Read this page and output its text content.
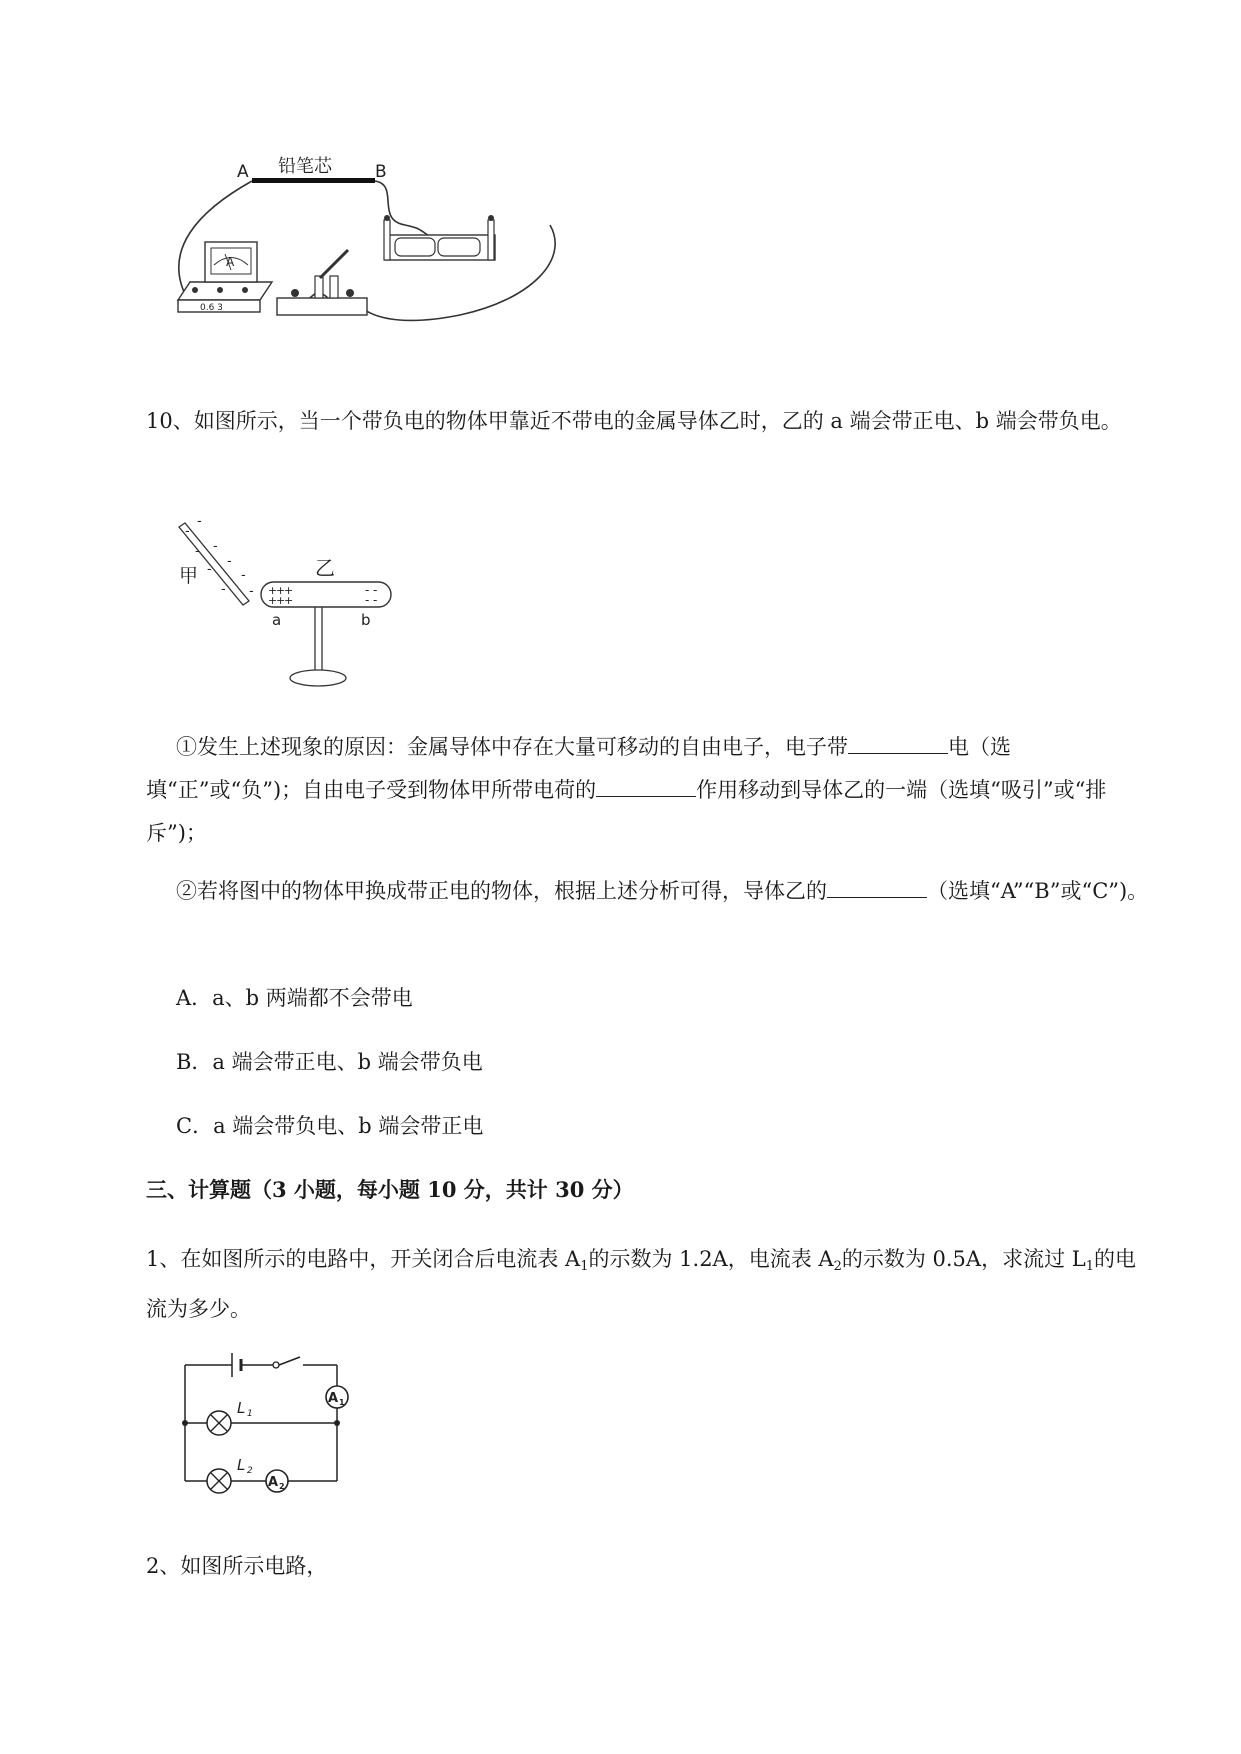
A 铅笔芯	B
A
0.6 3
10、如图所示，当一个带负电的物体甲靠近不带电的金属导体乙时，乙的 a 端会带正电、b 端会带负电。
-
-
-
-
-
- -
- -
甲	乙
+
+
+
+
+
+
- -
- -
a	b
①发生上述现象的原因：金属导体中存在大量可移动的自由电子，电子带	电（选填“正”或“负”)；自由电子受到物体甲所带电荷的	作用移动到导体乙的一端（选填“吸引”或“排斥”)；
②若将图中的物体甲换成带正电的物体，根据上述分析可得，导体乙的	（选填“A”“B”或“C”)。
A．a、b 两端都不会带电
B．a 端会带正电、b 端会带负电
C．a 端会带负电、b 端会带正电
三、计算题（3 小题，每小题 10 分，共计 30 分）
1、在如图所示的电路中，开关闭合后电流表 $A_1$的示数为 1.2A，电流表 $A_2$的示数为 0.5A，求流过 $L_1$的电流为多少。
A 1
A 2
L 1
L 2
2、如图所示电路，
